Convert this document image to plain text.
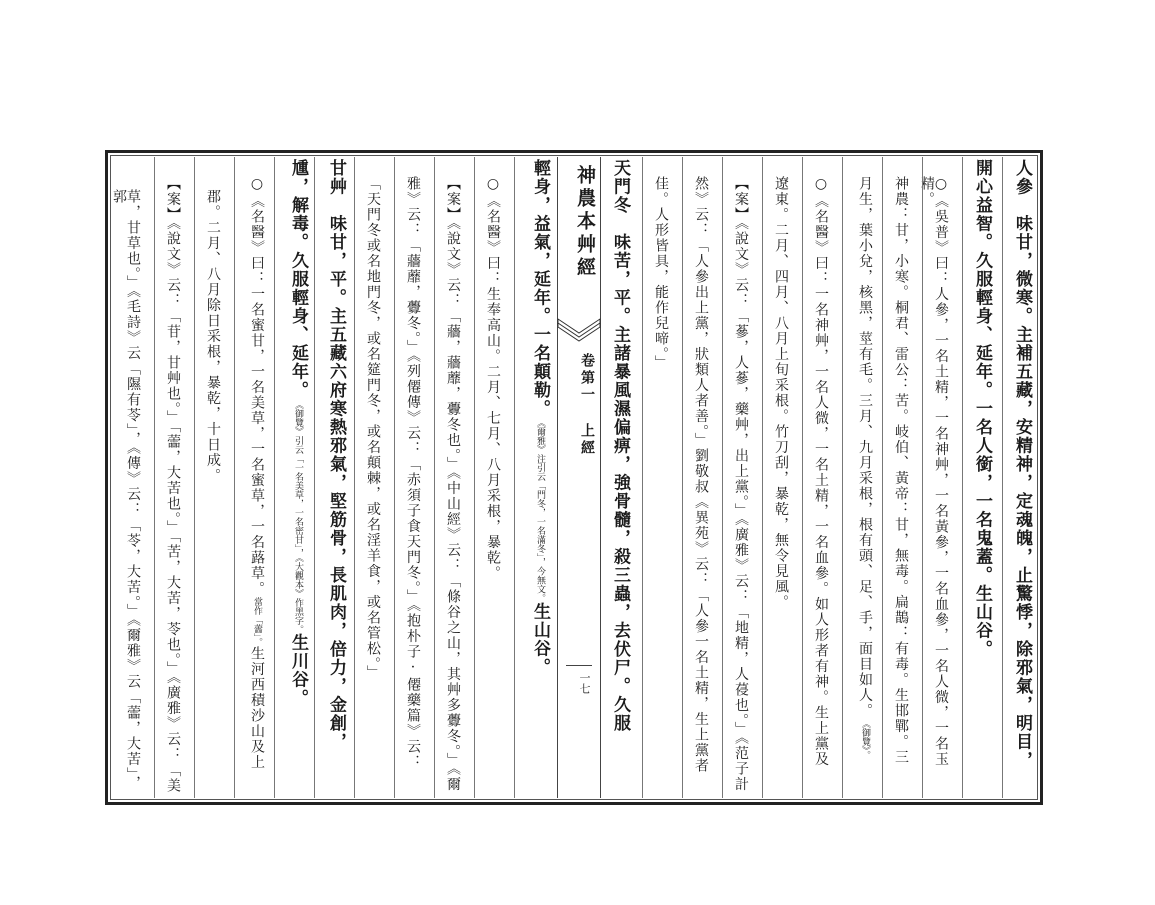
人參　味甘，微寒。主補五藏，安精神，定魂魄，止驚悸，除邪氣，明目，
開心益智。久服輕身、延年。一名人銜，一名鬼蓋。生山谷。
○《吳普》曰：人參，一名土精，一名神艸，一名黃參，一名血參，一名人微，一名玉精。
神農：甘，小寒。桐君、雷公：苦。岐伯、黃帝：甘，無毒。扁鵲：有毒。生邯鄲。三
月生，葉小兌，核黑，莖有毛。三月、九月采根，根有頭、足、手，面目如人。《御覽》。
○《名醫》曰：一名神艸，一名人微，一名土精，一名血參。如人形者有神。生上黨及
遼東。二月、四月、八月上旬采根。竹刀刮，暴乾，無令見風。
【案】《說文》云：「蔘，人蔘，藥艸，出上黨。」《廣雅》云：「地精，人葠也。」《范子計
然》云：「人參出上黨，狀類人者善。」劉敬叔《異苑》云：「人參一名土精，生上黨者
佳。人形皆具，能作兒啼。」
天門冬　味苦，平。主諸暴風濕偏痹，強骨髓，殺三蟲，去伏尸。久服
神農本艸經
卷第一 上經
一七
輕身，益氣，延年。一名顛勒。《爾雅》注引云「門冬，一名滿冬」，今無文。生山谷。
○《名醫》曰：生奉高山。二月、七月、八月采根，暴乾。
【案】《說文》云：「蘠，蘠蘼，虋冬也。」《中山經》云：「條谷之山，其艸多虋冬。」《爾
雅》云：「蘠蘼，虋冬。」《列僊傳》云：「赤須子食天門冬。」《抱朴子·僊藥篇》云：
「天門冬或名地門冬，或名筵門冬，或名顛棘，或名淫羊食，或名管松。」
甘艸　味甘，平。主五藏六府寒熱邪氣，堅筋骨，長肌肉，倍力，金創，
尰，解毒。久服輕身、延年。《御覽》引云「一名美草，一名密甘」，《大觀本》作黑字。生川谷。
○《名醫》曰：一名蜜甘，一名美草，一名蜜草，一名蕗草。當作「蘦」。生河西積沙山及上
郡。二月、八月除日采根，暴乾，十日成。
【案】《說文》云：「苷，甘艸也。」「蘦，大苦也。」「苦，大苦，苓也。」《廣雅》云：「美
草，甘草也。」《毛詩》云「隰有苓」，《傳》云：「苓，大苦。」《爾雅》云「蘦，大苦」，郭
